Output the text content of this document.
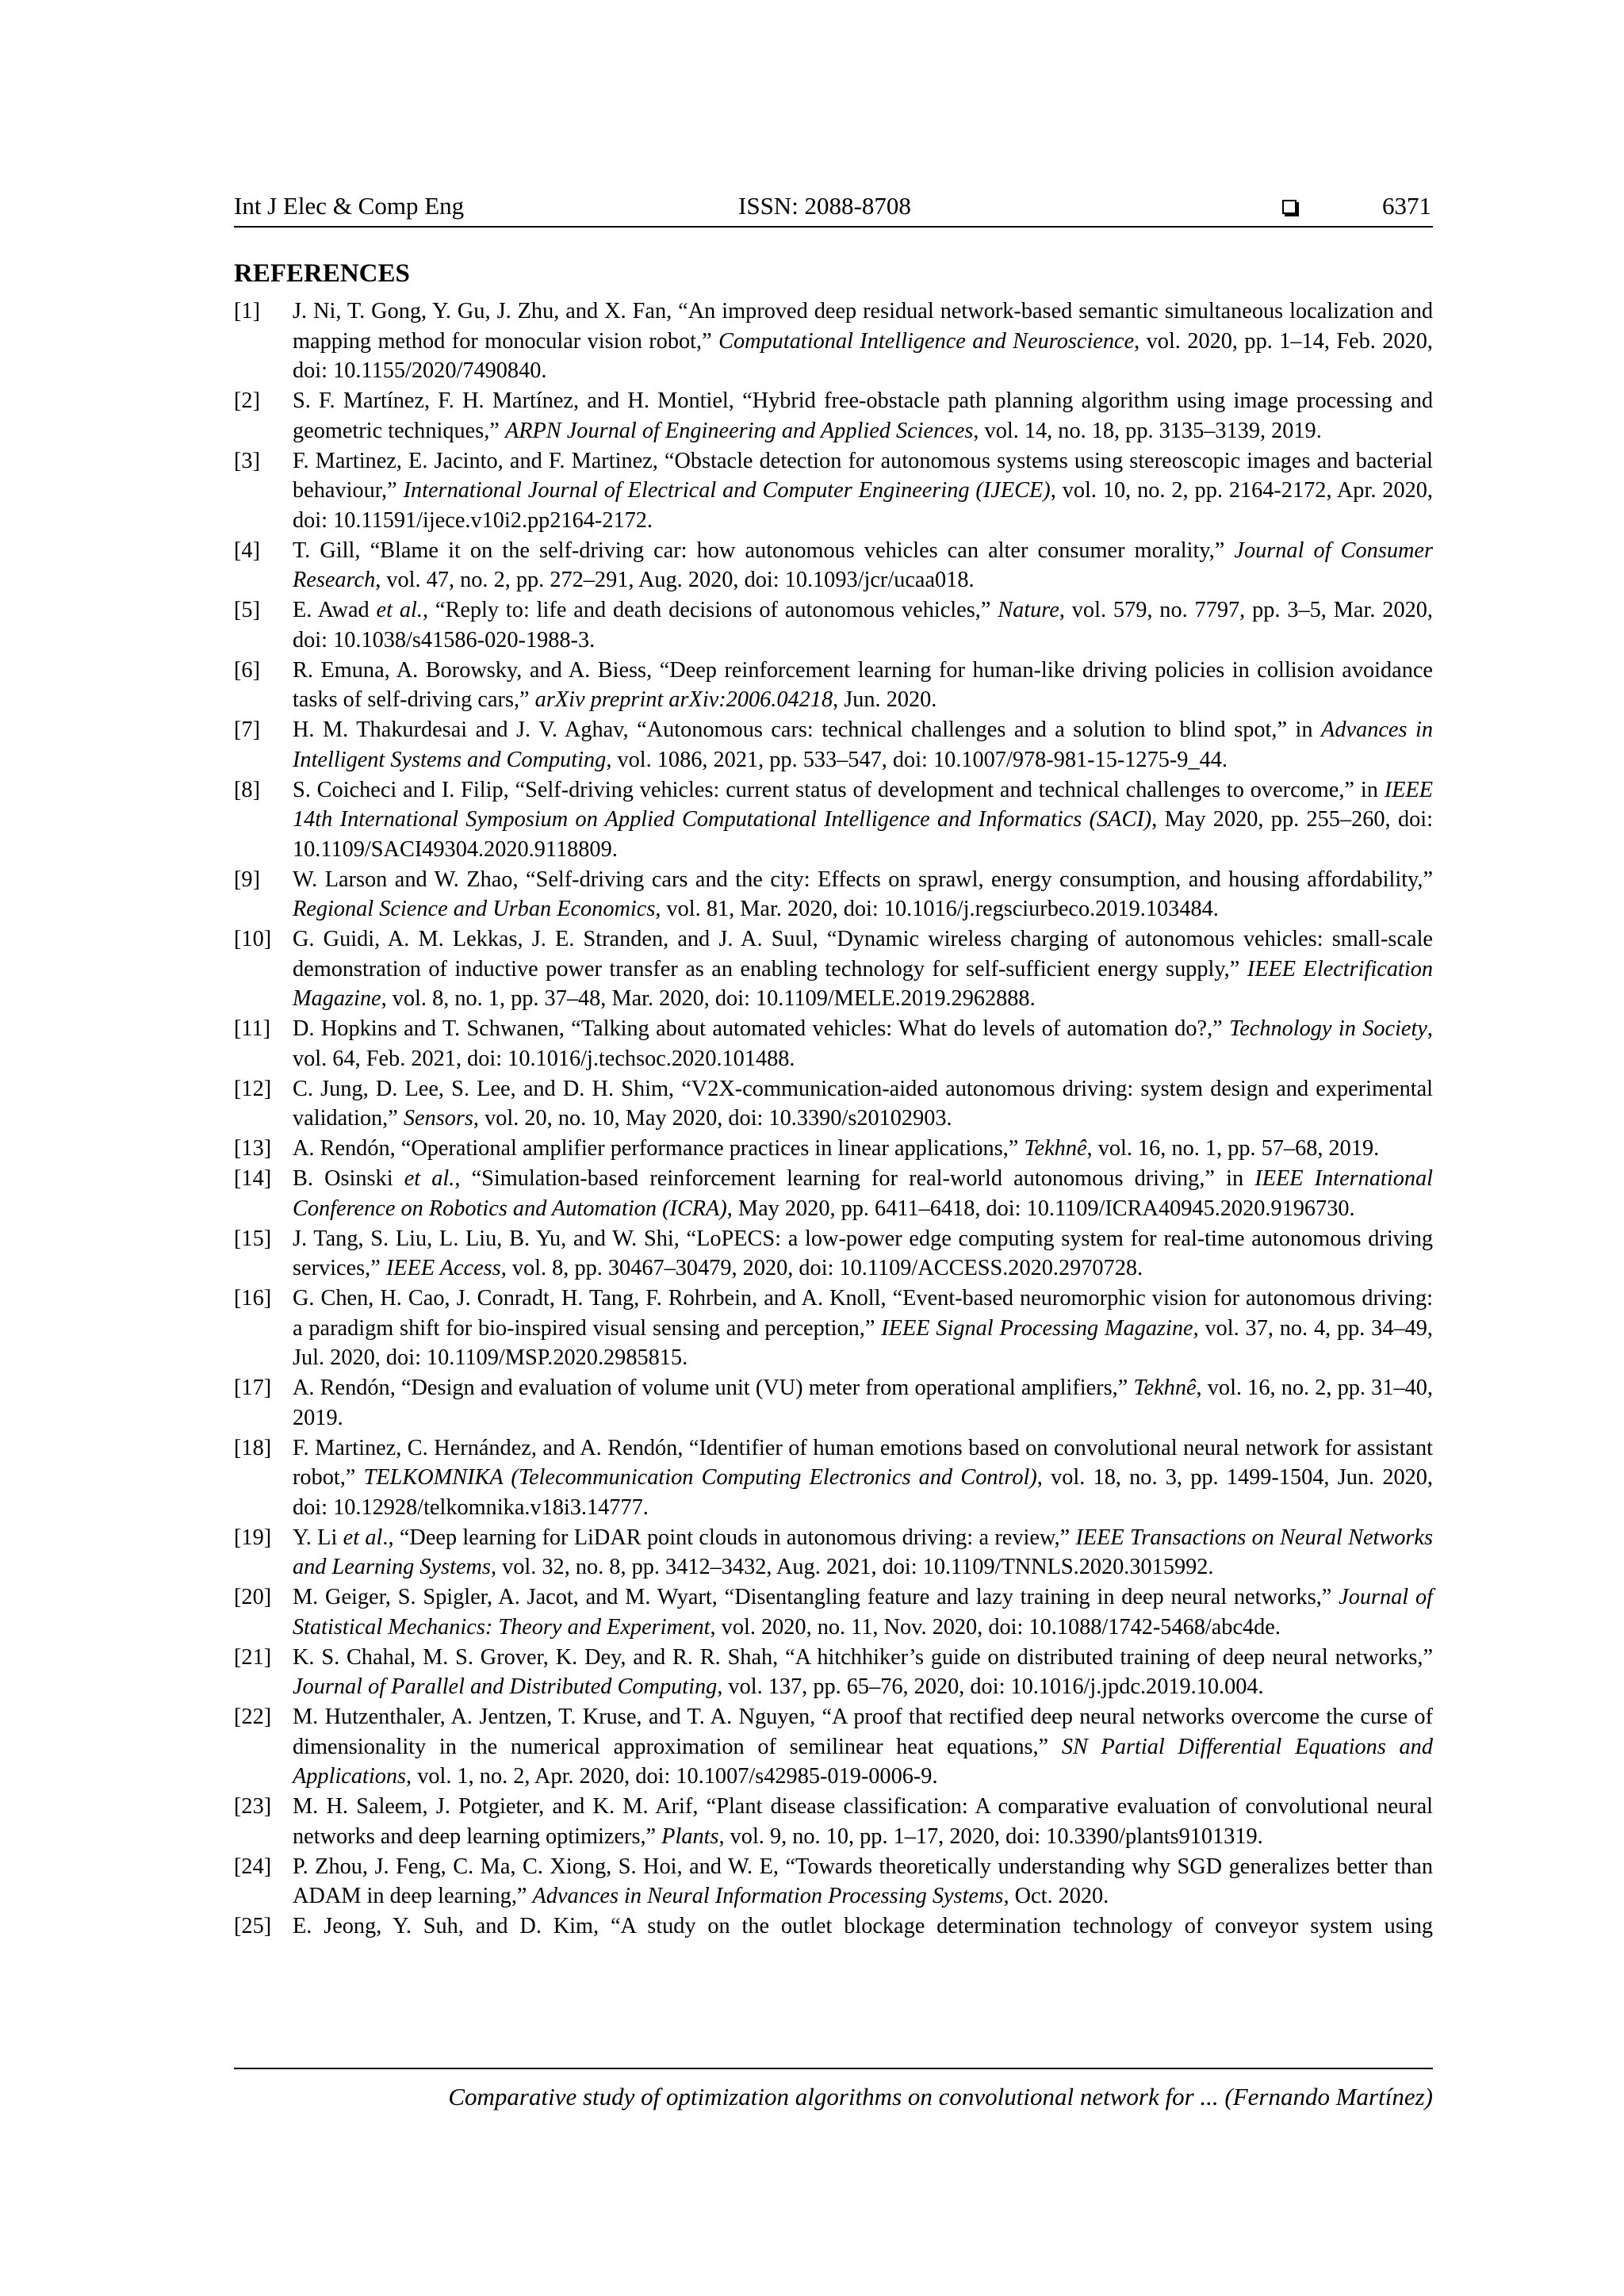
Int J Elec & Comp Eng	ISSN: 2088-8708	6371
REFERENCES
[1] J. Ni, T. Gong, Y. Gu, J. Zhu, and X. Fan, “An improved deep residual network-based semantic simultaneous localization and mapping method for monocular vision robot,” Computational Intelligence and Neuroscience, vol. 2020, pp. 1–14, Feb. 2020, doi: 10.1155/2020/7490840.
[2] S. F. Martínez, F. H. Martínez, and H. Montiel, “Hybrid free-obstacle path planning algorithm using image processing and geometric techniques,” ARPN Journal of Engineering and Applied Sciences, vol. 14, no. 18, pp. 3135–3139, 2019.
[3] F. Martinez, E. Jacinto, and F. Martinez, “Obstacle detection for autonomous systems using stereoscopic images and bacterial behaviour,” International Journal of Electrical and Computer Engineering (IJECE), vol. 10, no. 2, pp. 2164-2172, Apr. 2020, doi: 10.11591/ijece.v10i2.pp2164-2172.
[4] T. Gill, “Blame it on the self-driving car: how autonomous vehicles can alter consumer morality,” Journal of Consumer Research, vol. 47, no. 2, pp. 272–291, Aug. 2020, doi: 10.1093/jcr/ucaa018.
[5] E. Awad et al., “Reply to: life and death decisions of autonomous vehicles,” Nature, vol. 579, no. 7797, pp. 3–5, Mar. 2020, doi: 10.1038/s41586-020-1988-3.
[6] R. Emuna, A. Borowsky, and A. Biess, “Deep reinforcement learning for human-like driving policies in collision avoidance tasks of self-driving cars,” arXiv preprint arXiv:2006.04218, Jun. 2020.
[7] H. M. Thakurdesai and J. V. Aghav, “Autonomous cars: technical challenges and a solution to blind spot,” in Advances in Intelligent Systems and Computing, vol. 1086, 2021, pp. 533–547, doi: 10.1007/978-981-15-1275-9_44.
[8] S. Coicheci and I. Filip, “Self-driving vehicles: current status of development and technical challenges to overcome,” in IEEE 14th International Symposium on Applied Computational Intelligence and Informatics (SACI), May 2020, pp. 255–260, doi: 10.1109/SACI49304.2020.9118809.
[9] W. Larson and W. Zhao, “Self-driving cars and the city: Effects on sprawl, energy consumption, and housing affordability,” Regional Science and Urban Economics, vol. 81, Mar. 2020, doi: 10.1016/j.regsciurbeco.2019.103484.
[10] G. Guidi, A. M. Lekkas, J. E. Stranden, and J. A. Suul, “Dynamic wireless charging of autonomous vehicles: small-scale demonstration of inductive power transfer as an enabling technology for self-sufficient energy supply,” IEEE Electrification Magazine, vol. 8, no. 1, pp. 37–48, Mar. 2020, doi: 10.1109/MELE.2019.2962888.
[11] D. Hopkins and T. Schwanen, “Talking about automated vehicles: What do levels of automation do?,” Technology in Society, vol. 64, Feb. 2021, doi: 10.1016/j.techsoc.2020.101488.
[12] C. Jung, D. Lee, S. Lee, and D. H. Shim, “V2X-communication-aided autonomous driving: system design and experimental validation,” Sensors, vol. 20, no. 10, May 2020, doi: 10.3390/s20102903.
[13] A. Rendón, “Operational amplifier performance practices in linear applications,” Tekhnê, vol. 16, no. 1, pp. 57–68, 2019.
[14] B. Osinski et al., “Simulation-based reinforcement learning for real-world autonomous driving,” in IEEE International Conference on Robotics and Automation (ICRA), May 2020, pp. 6411–6418, doi: 10.1109/ICRA40945.2020.9196730.
[15] J. Tang, S. Liu, L. Liu, B. Yu, and W. Shi, “LoPECS: a low-power edge computing system for real-time autonomous driving services,” IEEE Access, vol. 8, pp. 30467–30479, 2020, doi: 10.1109/ACCESS.2020.2970728.
[16] G. Chen, H. Cao, J. Conradt, H. Tang, F. Rohrbein, and A. Knoll, “Event-based neuromorphic vision for autonomous driving: a paradigm shift for bio-inspired visual sensing and perception,” IEEE Signal Processing Magazine, vol. 37, no. 4, pp. 34–49, Jul. 2020, doi: 10.1109/MSP.2020.2985815.
[17] A. Rendón, “Design and evaluation of volume unit (VU) meter from operational amplifiers,” Tekhnê, vol. 16, no. 2, pp. 31–40, 2019.
[18] F. Martinez, C. Hernández, and A. Rendón, “Identifier of human emotions based on convolutional neural network for assistant robot,” TELKOMNIKA (Telecommunication Computing Electronics and Control), vol. 18, no. 3, pp. 1499-1504, Jun. 2020, doi: 10.12928/telkomnika.v18i3.14777.
[19] Y. Li et al., “Deep learning for LiDAR point clouds in autonomous driving: a review,” IEEE Transactions on Neural Networks and Learning Systems, vol. 32, no. 8, pp. 3412–3432, Aug. 2021, doi: 10.1109/TNNLS.2020.3015992.
[20] M. Geiger, S. Spigler, A. Jacot, and M. Wyart, “Disentangling feature and lazy training in deep neural networks,” Journal of Statistical Mechanics: Theory and Experiment, vol. 2020, no. 11, Nov. 2020, doi: 10.1088/1742-5468/abc4de.
[21] K. S. Chahal, M. S. Grover, K. Dey, and R. R. Shah, “A hitchhiker’s guide on distributed training of deep neural networks,” Journal of Parallel and Distributed Computing, vol. 137, pp. 65–76, 2020, doi: 10.1016/j.jpdc.2019.10.004.
[22] M. Hutzenthaler, A. Jentzen, T. Kruse, and T. A. Nguyen, “A proof that rectified deep neural networks overcome the curse of dimensionality in the numerical approximation of semilinear heat equations,” SN Partial Differential Equations and Applications, vol. 1, no. 2, Apr. 2020, doi: 10.1007/s42985-019-0006-9.
[23] M. H. Saleem, J. Potgieter, and K. M. Arif, “Plant disease classification: A comparative evaluation of convolutional neural networks and deep learning optimizers,” Plants, vol. 9, no. 10, pp. 1–17, 2020, doi: 10.3390/plants9101319.
[24] P. Zhou, J. Feng, C. Ma, C. Xiong, S. Hoi, and W. E, “Towards theoretically understanding why SGD generalizes better than ADAM in deep learning,” Advances in Neural Information Processing Systems, Oct. 2020.
[25] E. Jeong, Y. Suh, and D. Kim, “A study on the outlet blockage determination technology of conveyor system using
Comparative study of optimization algorithms on convolutional network for ... (Fernando Martínez)
